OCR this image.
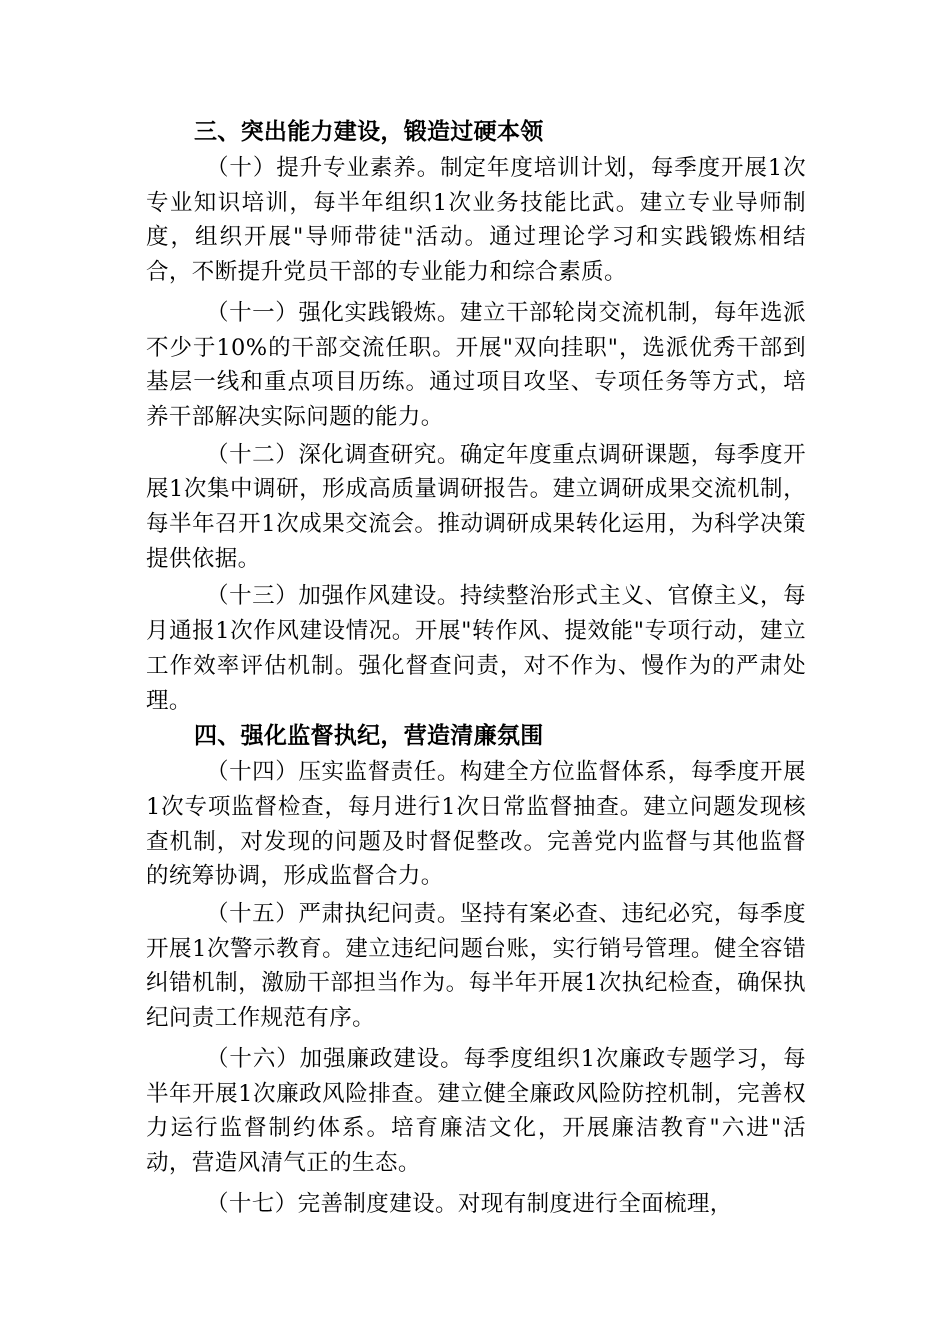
三、突出能力建设，锻造过硬本领

（十）提升专业素养。制定年度培训计划，每季度开展1次专业知识培训，每半年组织1次业务技能比武。建立专业导师制度，组织开展"导师带徒"活动。通过理论学习和实践锻炼相结合，不断提升党员干部的专业能力和综合素质。

（十一）强化实践锻炼。建立干部轮岗交流机制，每年选派不少于10%的干部交流任职。开展"双向挂职"，选派优秀干部到基层一线和重点项目历练。通过项目攻坚、专项任务等方式，培养干部解决实际问题的能力。

（十二）深化调查研究。确定年度重点调研课题，每季度开展1次集中调研，形成高质量调研报告。建立调研成果交流机制，每半年召开1次成果交流会。推动调研成果转化运用，为科学决策提供依据。

（十三）加强作风建设。持续整治形式主义、官僚主义，每月通报1次作风建设情况。开展"转作风、提效能"专项行动，建立工作效率评估机制。强化督查问责，对不作为、慢作为的严肃处理。

四、强化监督执纪，营造清廉氛围

（十四）压实监督责任。构建全方位监督体系，每季度开展1次专项监督检查，每月进行1次日常监督抽查。建立问题发现核查机制，对发现的问题及时督促整改。完善党内监督与其他监督的统筹协调，形成监督合力。

（十五）严肃执纪问责。坚持有案必查、违纪必究，每季度开展1次警示教育。建立违纪问题台账，实行销号管理。健全容错纠错机制，激励干部担当作为。每半年开展1次执纪检查，确保执纪问责工作规范有序。

（十六）加强廉政建设。每季度组织1次廉政专题学习，每半年开展1次廉政风险排查。建立健全廉政风险防控机制，完善权力运行监督制约体系。培育廉洁文化，开展廉洁教育"六进"活动，营造风清气正的生态。

（十七）完善制度建设。对现有制度进行全面梳理，
